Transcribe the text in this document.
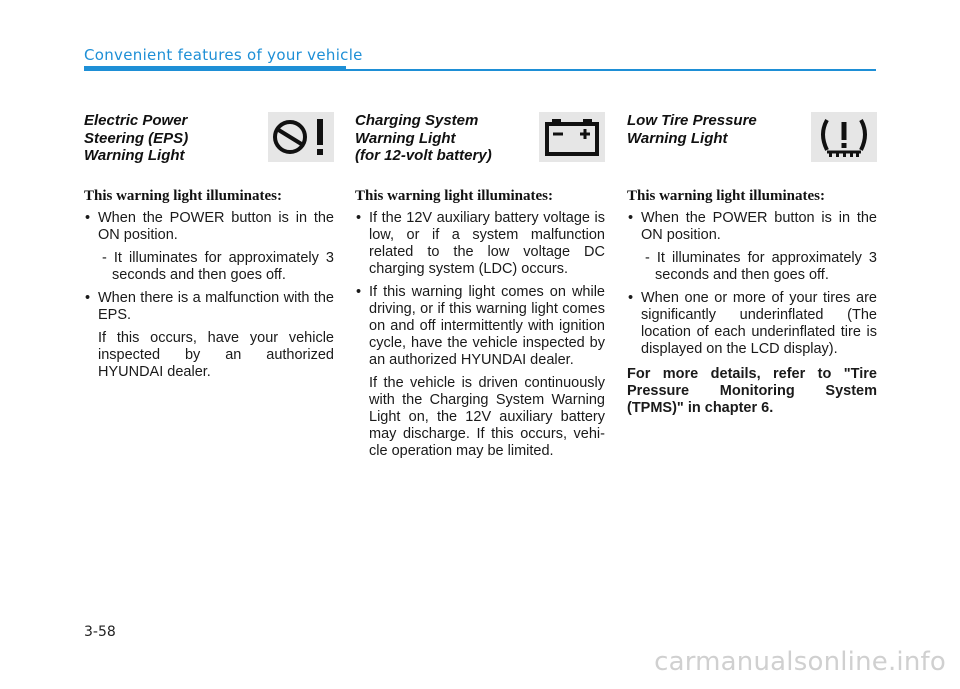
Convenient features of your vehicle
Electric Power
Steering (EPS)
Warning Light
This warning light illuminates:
• When the POWER button is in the ON position.
- It illuminates for approximately 3 seconds and then goes off.
• When there is a malfunction with the EPS.
If this occurs, have your vehicle inspected by an authorized HYUNDAI dealer.
Charging System
Warning Light
(for 12-volt battery)
This warning light illuminates:
• If the 12V auxiliary battery voltage is low, or if a system malfunction related to the low voltage DC charging system (LDC) occurs.
• If this warning light comes on while driving, or if this warning light comes on and off intermittently with ignition cycle, have the vehicle inspected by an authorized HYUNDAI dealer.
If the vehicle is driven continuously with the Charging System Warning Light on, the 12V auxiliary battery may discharge. If this occurs, vehi-cle operation may be limited.
Low Tire Pressure
Warning Light
This warning light illuminates:
• When the POWER button is in the ON position.
- It illuminates for approximately 3 seconds and then goes off.
• When one or more of your tires are significantly underinflated (The location of each underinflated tire is displayed on the LCD display).
For more details, refer to "Tire Pressure Monitoring System (TPMS)" in chapter 6.
3-58
carmanualsonline.info
